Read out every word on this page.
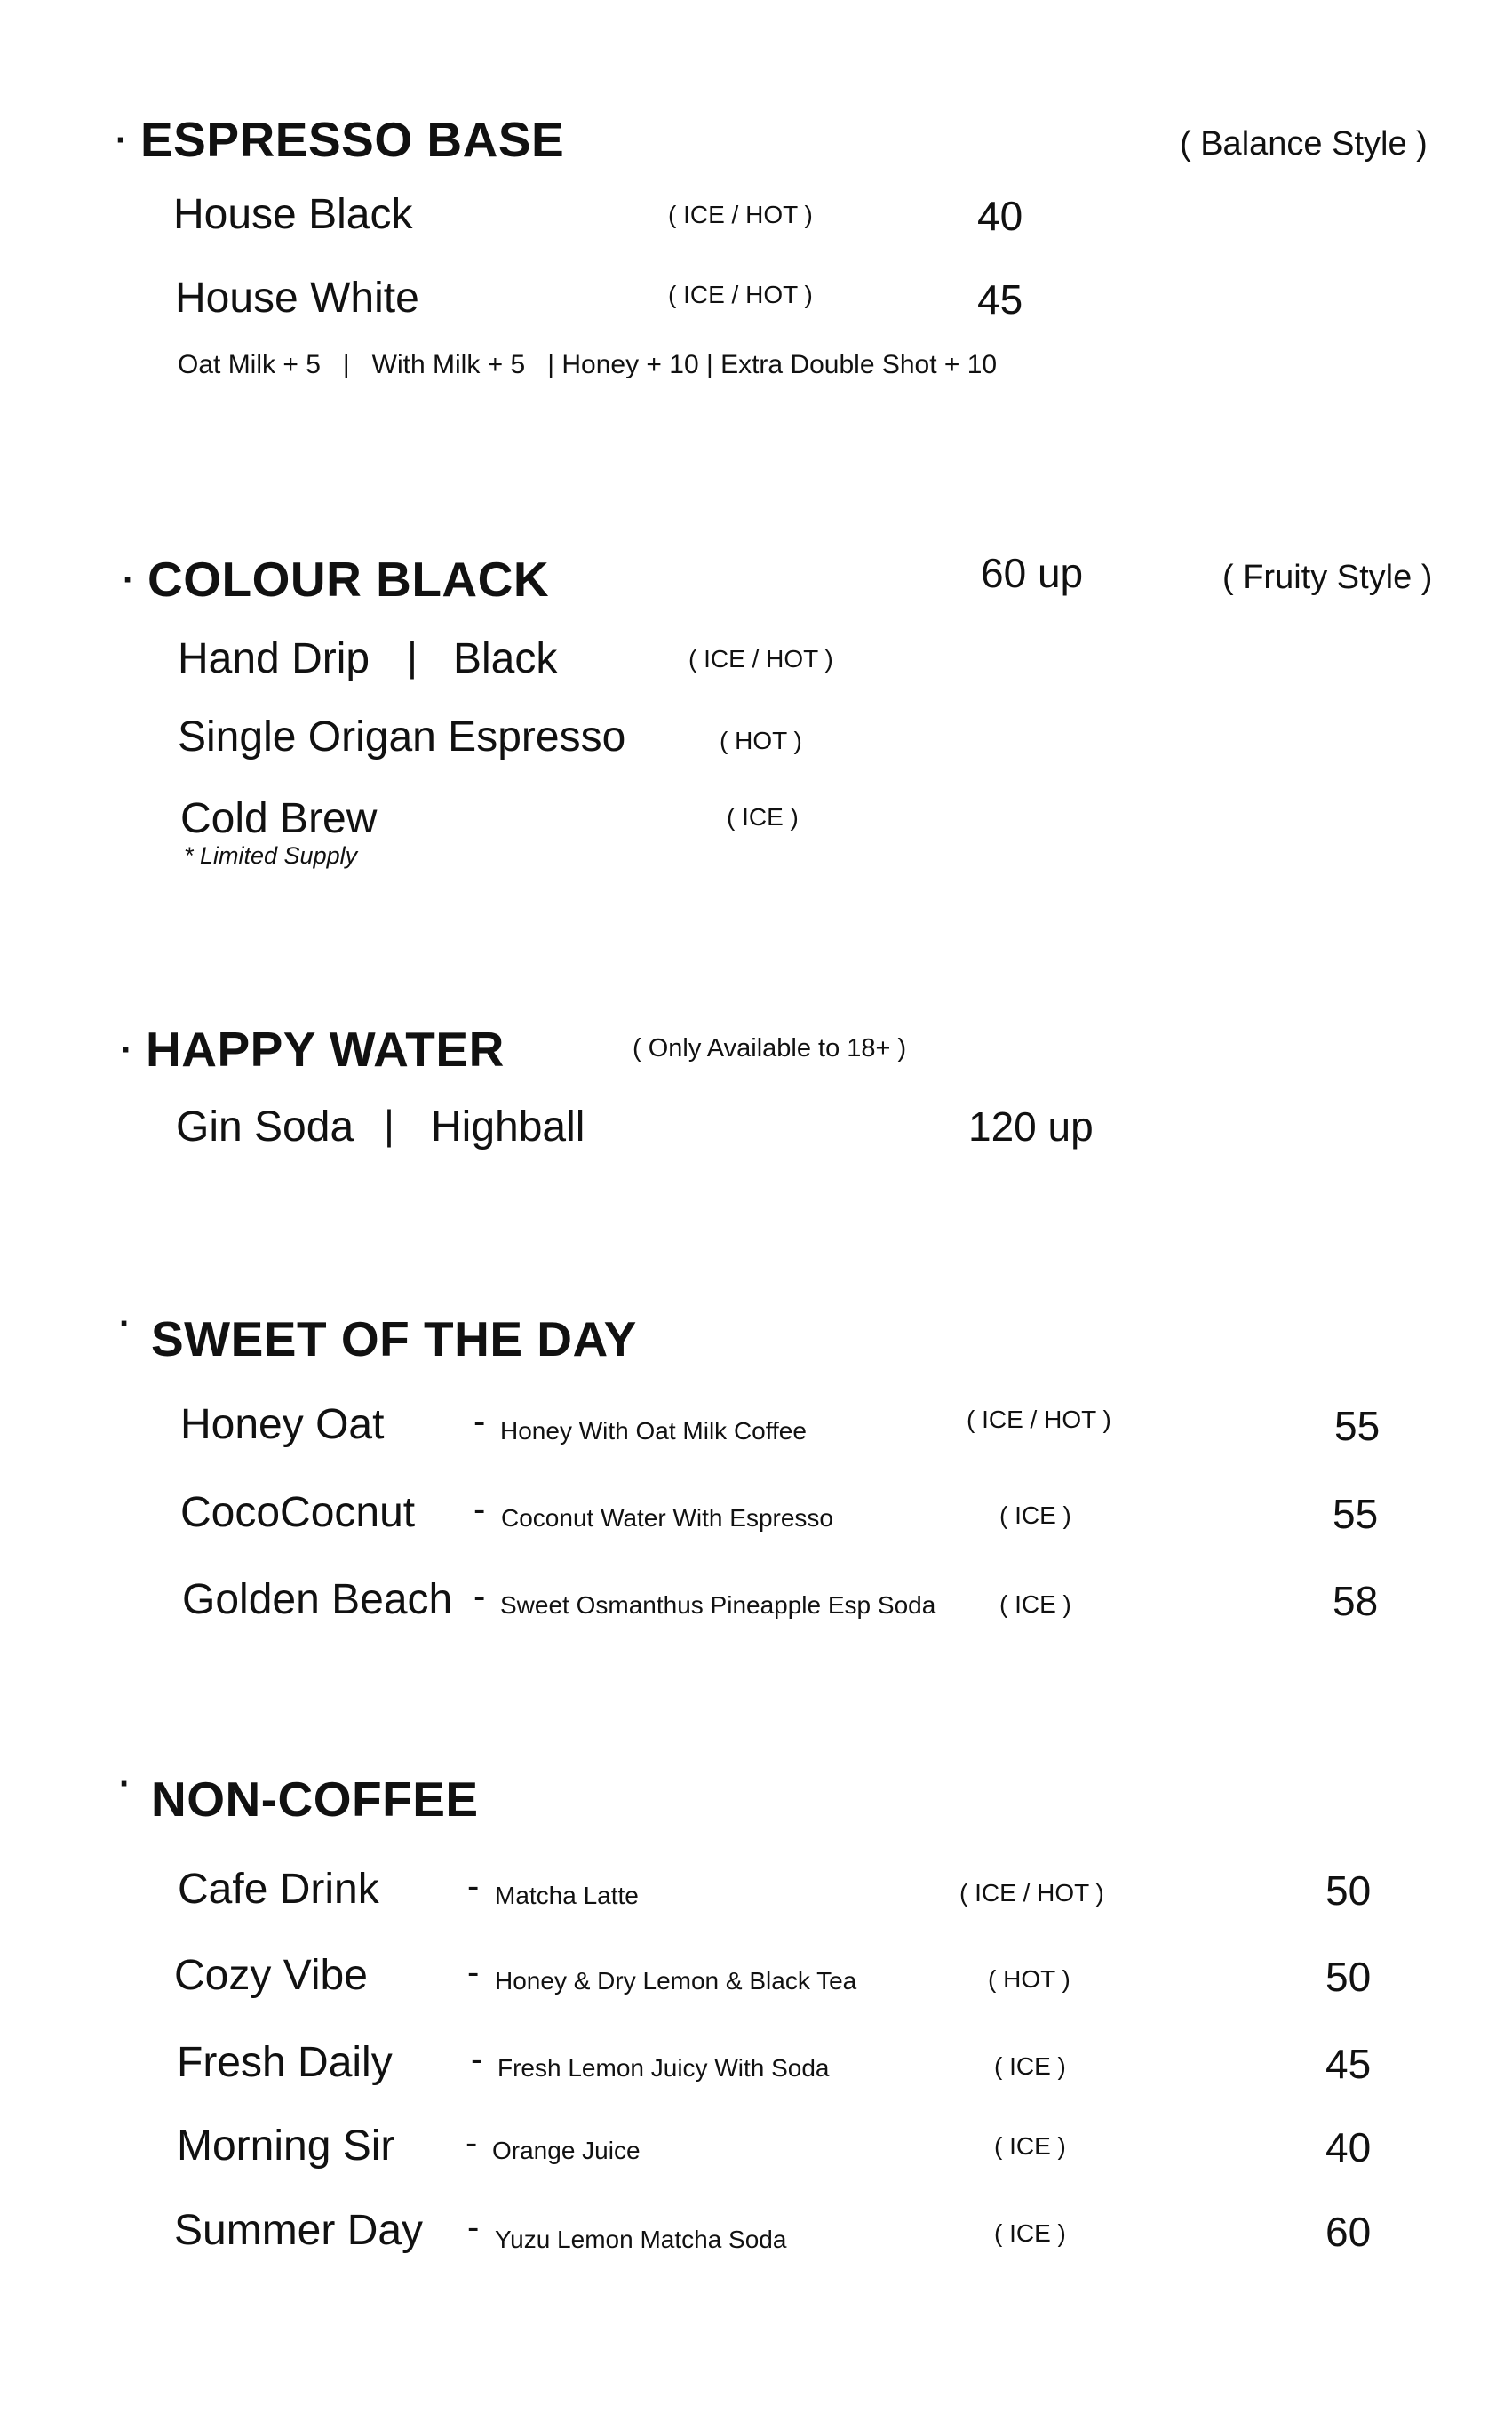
· ESPRESSO BASE	( Balance Style )
House Black	( ICE / HOT )	40
House White	( ICE / HOT )	45
Oat Milk + 5   |   With Milk + 5   | Honey + 10 | Extra Double Shot + 10
· COLOUR BLACK	60 up	( Fruity Style )
Hand Drip | Black	( ICE / HOT )
Single Origan Espresso	( HOT )
Cold Brew	( ICE )
* Limited Supply
· HAPPY WATER	( Only Available to 18+ )
Gin Soda | Highball	120 up
· SWEET OF THE DAY
Honey Oat	- Honey With Oat Milk Coffee	( ICE / HOT )	55
CocoCocnut - Coconut Water With Espresso	( ICE )	55
Golden Beach - Sweet Osmanthus Pineapple Esp Soda	( ICE )	58
· NON-COFFEE
Cafe Drink - Matcha Latte	( ICE / HOT )	50
Cozy Vibe	- Honey & Dry Lemon & Black Tea	( HOT )	50
Fresh Daily - Fresh Lemon Juicy With Soda	( ICE )	45
Morning Sir - Orange Juice	( ICE )	40
Summer Day - Yuzu Lemon Matcha Soda	( ICE )	60
